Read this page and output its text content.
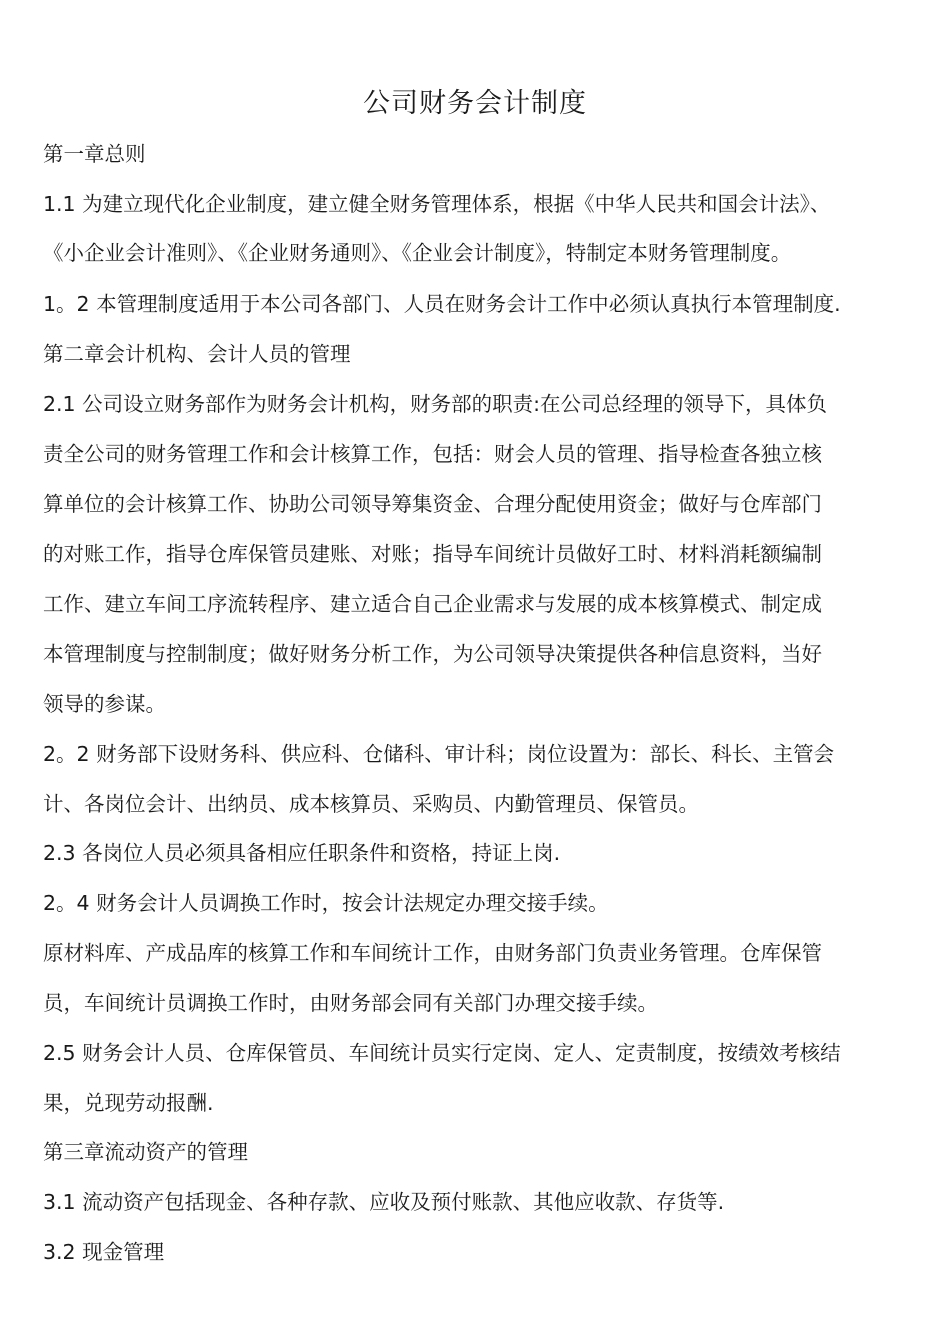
公司财务会计制度
第一章总则
1.1 为建立现代化企业制度，建立健全财务管理体系，根据《中华人民共和国会计法》、
《小企业会计准则》、《企业财务通则》、《企业会计制度》，特制定本财务管理制度。
1。2 本管理制度适用于本公司各部门、人员在财务会计工作中必须认真执行本管理制度.
第二章会计机构、会计人员的管理
2.1 公司设立财务部作为财务会计机构，财务部的职责:在公司总经理的领导下，具体负
责全公司的财务管理工作和会计核算工作，包括：财会人员的管理、指导检查各独立核
算单位的会计核算工作、协助公司领导筹集资金、合理分配使用资金；做好与仓库部门
的对账工作，指导仓库保管员建账、对账；指导车间统计员做好工时、材料消耗额编制
工作、建立车间工序流转程序、建立适合自己企业需求与发展的成本核算模式、制定成
本管理制度与控制制度；做好财务分析工作，为公司领导决策提供各种信息资料，当好
领导的参谋。
2。2 财务部下设财务科、供应科、仓储科、审计科；岗位设置为：部长、科长、主管会
计、各岗位会计、出纳员、成本核算员、采购员、内勤管理员、保管员。
2.3 各岗位人员必须具备相应任职条件和资格，持证上岗.
2。4 财务会计人员调换工作时，按会计法规定办理交接手续。
原材料库、产成品库的核算工作和车间统计工作，由财务部门负责业务管理。仓库保管
员，车间统计员调换工作时，由财务部会同有关部门办理交接手续。
2.5 财务会计人员、仓库保管员、车间统计员实行定岗、定人、定责制度，按绩效考核结
果，兑现劳动报酬.
第三章流动资产的管理
3.1 流动资产包括现金、各种存款、应收及预付账款、其他应收款、存货等.
3.2 现金管理
